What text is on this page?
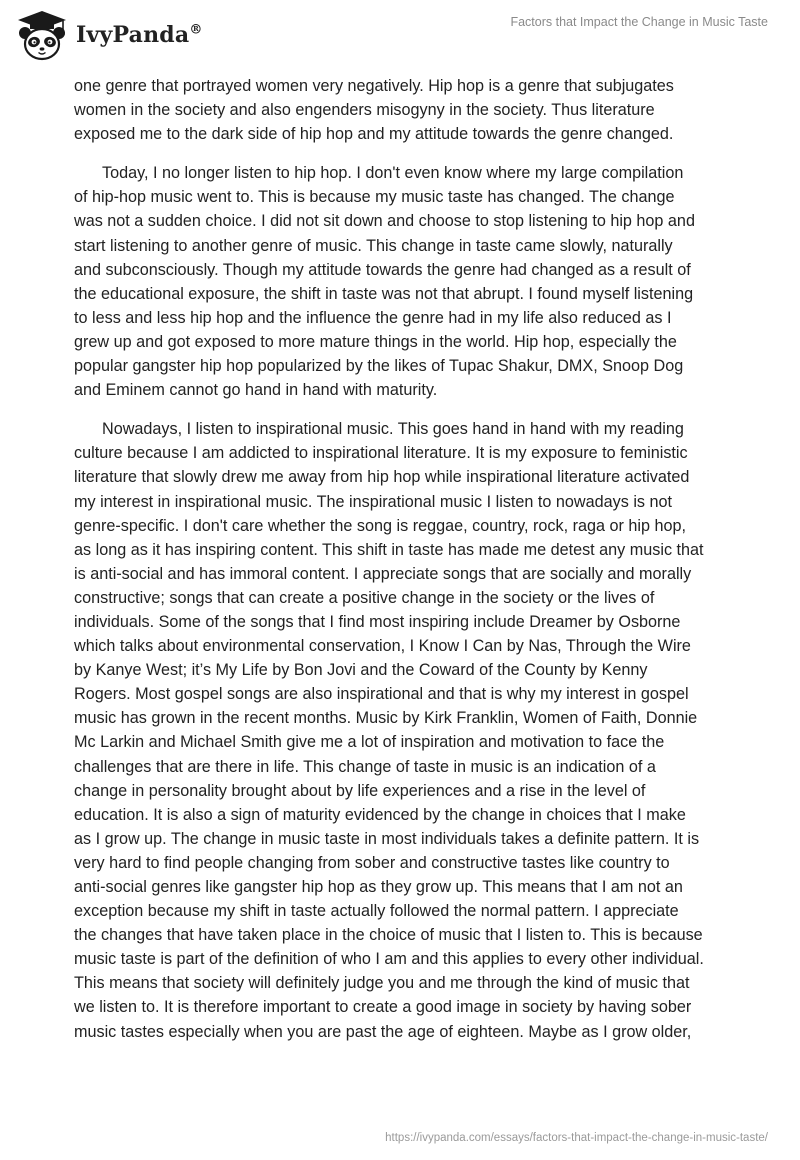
IvyPanda®
Factors that Impact the Change in Music Taste

one genre that portrayed women very negatively. Hip hop is a genre that subjugates
women in the society and also engenders misogyny in the society. Thus literature
exposed me to the dark side of hip hop and my attitude towards the genre changed.

Today, I no longer listen to hip hop. I don't even know where my large compilation
of hip-hop music went to. This is because my music taste has changed. The change
was not a sudden choice. I did not sit down and choose to stop listening to hip hop and
start listening to another genre of music. This change in taste came slowly, naturally
and subconsciously. Though my attitude towards the genre had changed as a result of
the educational exposure, the shift in taste was not that abrupt. I found myself listening
to less and less hip hop and the influence the genre had in my life also reduced as I
grew up and got exposed to more mature things in the world. Hip hop, especially the
popular gangster hip hop popularized by the likes of Tupac Shakur, DMX, Snoop Dog
and Eminem cannot go hand in hand with maturity.

Nowadays, I listen to inspirational music. This goes hand in hand with my reading
culture because I am addicted to inspirational literature. It is my exposure to feministic
literature that slowly drew me away from hip hop while inspirational literature activated
my interest in inspirational music. The inspirational music I listen to nowadays is not
genre-specific. I don't care whether the song is reggae, country, rock, raga or hip hop,
as long as it has inspiring content. This shift in taste has made me detest any music that
is anti-social and has immoral content. I appreciate songs that are socially and morally
constructive; songs that can create a positive change in the society or the lives of
individuals. Some of the songs that I find most inspiring include Dreamer by Osborne
which talks about environmental conservation, I Know I Can by Nas, Through the Wire
by Kanye West; it’s My Life by Bon Jovi and the Coward of the County by Kenny
Rogers. Most gospel songs are also inspirational and that is why my interest in gospel
music has grown in the recent months. Music by Kirk Franklin, Women of Faith, Donnie
Mc Larkin and Michael Smith give me a lot of inspiration and motivation to face the
challenges that are there in life. This change of taste in music is an indication of a
change in personality brought about by life experiences and a rise in the level of
education. It is also a sign of maturity evidenced by the change in choices that I make
as I grow up. The change in music taste in most individuals takes a definite pattern. It is
very hard to find people changing from sober and constructive tastes like country to
anti-social genres like gangster hip hop as they grow up. This means that I am not an
exception because my shift in taste actually followed the normal pattern. I appreciate
the changes that have taken place in the choice of music that I listen to. This is because
music taste is part of the definition of who I am and this applies to every other individual.
This means that society will definitely judge you and me through the kind of music that
we listen to. It is therefore important to create a good image in society by having sober
music tastes especially when you are past the age of eighteen. Maybe as I grow older,

https://ivypanda.com/essays/factors-that-impact-the-change-in-music-taste/
